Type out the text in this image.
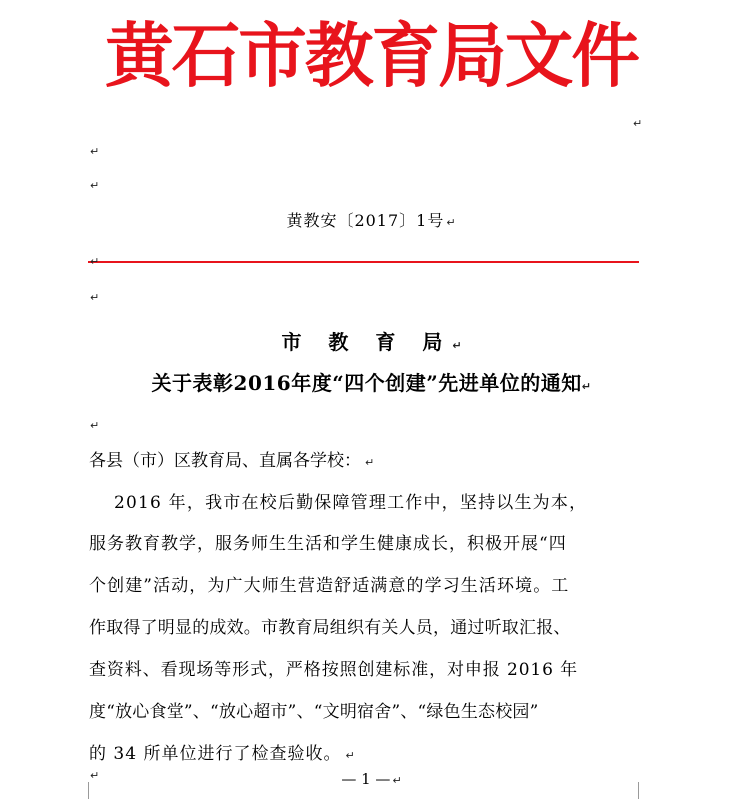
黄石市教育局文件
↵
↵
↵
黄教安〔2017〕1号 ↵
↵
↵
市 教 育 局↵
关于表彰2016年度“四个创建”先进单位的通知↵
↵
各县（市）区教育局、直属各学校： ↵
2016 年，我市在校后勤保障管理工作中，坚持以生为本，
服务教育教学，服务师生生活和学生健康成长，积极开展“四
个创建”活动，为广大师生营造舒适满意的学习生活环境。工
作取得了明显的成效。市教育局组织有关人员，通过听取汇报、
查资料、看现场等形式，严格按照创建标准，对申报 2016 年
度“放心食堂”、“放心超市”、“文明宿舍”、“绿色生态校园”
的 34 所单位进行了检查验收。 ↵
↵	— 1 — ↵
